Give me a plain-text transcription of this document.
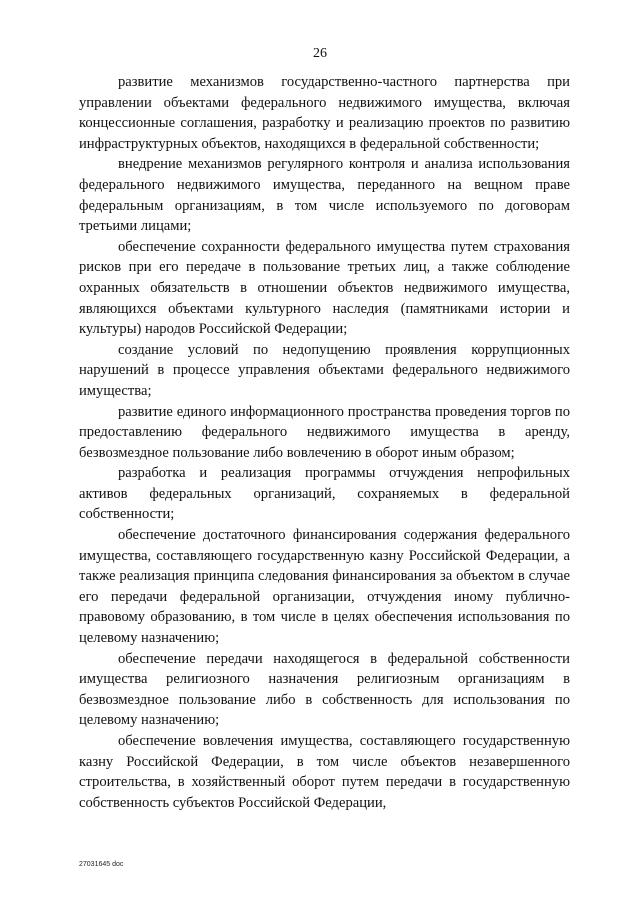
26

развитие механизмов государственно-частного партнерства при управлении объектами федерального недвижимого имущества, включая концессионные соглашения, разработку и реализацию проектов по развитию инфраструктурных объектов, находящихся в федеральной собственности;

внедрение механизмов регулярного контроля и анализа использования федерального недвижимого имущества, переданного на вещном праве федеральным организациям, в том числе используемого по договорам третьими лицами;

обеспечение сохранности федерального имущества путем страхования рисков при его передаче в пользование третьих лиц, а также соблюдение охранных обязательств в отношении объектов недвижимого имущества, являющихся объектами культурного наследия (памятниками истории и культуры) народов Российской Федерации;

создание условий по недопущению проявления коррупционных нарушений в процессе управления объектами федерального недвижимого имущества;

развитие единого информационного пространства проведения торгов по предоставлению федерального недвижимого имущества в аренду, безвозмездное пользование либо вовлечению в оборот иным образом;

разработка и реализация программы отчуждения непрофильных активов федеральных организаций, сохраняемых в федеральной собственности;

обеспечение достаточного финансирования содержания федерального имущества, составляющего государственную казну Российской Федерации, а также реализация принципа следования финансирования за объектом в случае его передачи федеральной организации, отчуждения иному публично-правовому образованию, в том числе в целях обеспечения использования по целевому назначению;

обеспечение передачи находящегося в федеральной собственности имущества религиозного назначения религиозным организациям в безвозмездное пользование либо в собственность для использования по целевому назначению;

обеспечение вовлечения имущества, составляющего государственную казну Российской Федерации, в том числе объектов незавершенного строительства, в хозяйственный оборот путем передачи в государственную собственность субъектов Российской Федерации,

27031645 doc
